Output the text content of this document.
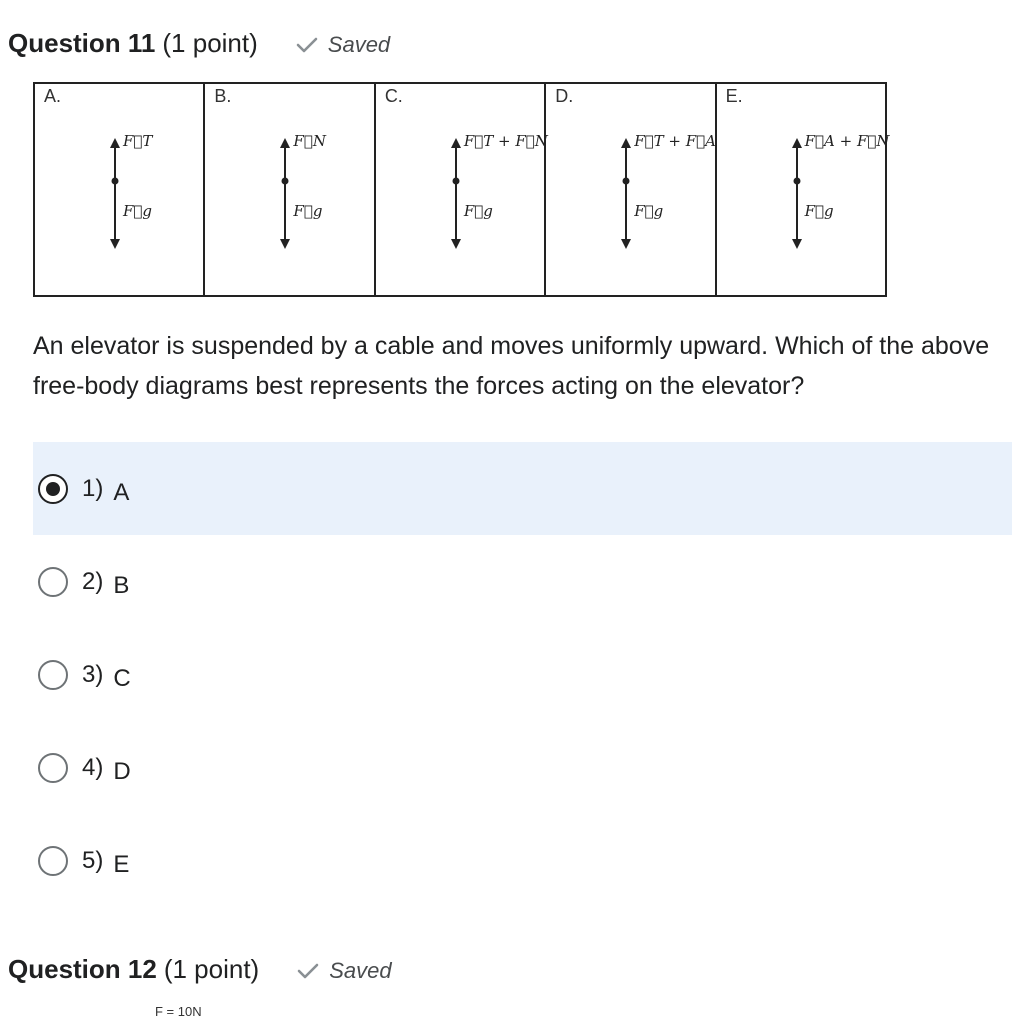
Question 11 (1 point)	Saved
A.
F⃗T
F⃗g
B.
F⃗N
F⃗g
C.
F⃗T + F⃗N
F⃗g
D.
F⃗T + F⃗A
F⃗g
E.
F⃗A + F⃗N
F⃗g
An elevator is suspended by a cable and moves uniformly upward. Which of the above free-body diagrams best represents the forces acting on the elevator?
1) A
2) B
3) C
4) D
5) E
Question 12 (1 point)	Saved
F = 10N
